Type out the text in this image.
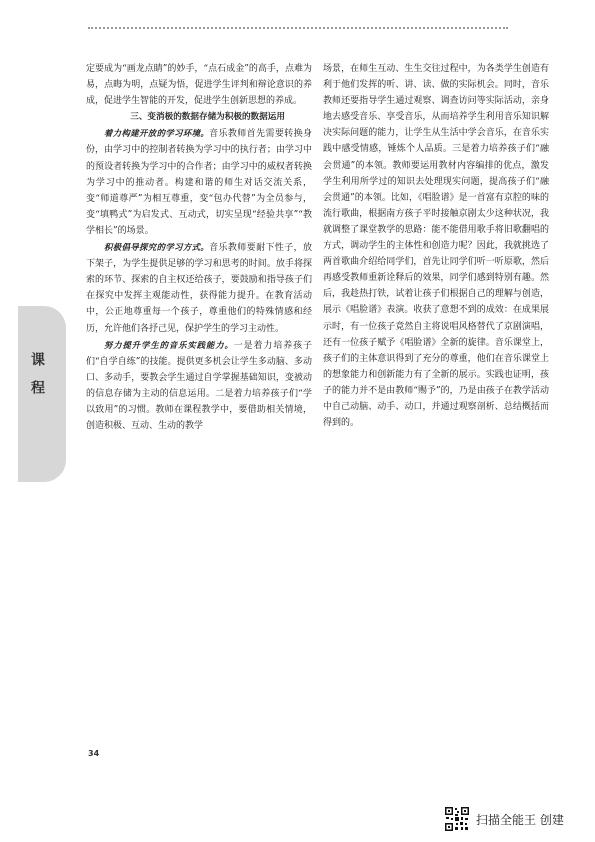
课程

定要成为“画龙点睛”的妙手，“点石成金”的高手，点难为易，点晦为明，点疑为悟，促进学生评判和辩论意识的养成，促进学生智能的开发，促进学生创新思想的养成。

三、变消极的数据存储为积极的数据运用

着力构建开放的学习环境。音乐教师首先需要转换身份，由学习中的控制者转换为学习中的执行者；由学习中的预设者转换为学习中的合作者；由学习中的威权者转换为学习中的推动者。构建和谐的师生对话交流关系，变“师道尊严”为相互尊重，变“包办代替”为全员参与，变“填鸭式”为启发式、互动式，切实呈现“经验共享”“教学相长”的场景。

积极倡导探究的学习方式。音乐教师要耐下性子，放下架子，为学生提供足够的学习和思考的时间。放手将探索的环节、探索的自主权还给孩子，要鼓励和指导孩子们在探究中发挥主观能动性，获得能力提升。在教育活动中，公正地尊重每一个孩子，尊重他们的特殊情感和经历，允许他们各抒己见，保护学生的学习主动性。

努力提升学生的音乐实践能力。一是着力培养孩子们“自学自练”的技能。提供更多机会让学生多动脑、多动口、多动手，要教会学生通过自学掌握基础知识，变被动的信息存储为主动的信息运用。二是着力培养孩子们“学以致用”的习惯。教师在课程教学中，要借助相关情境，创造积极、互动、生动的教学

场景，在师生互动、生生交往过程中，为各类学生创造有利于他们发挥的听、讲、读、做的实际机会。同时，音乐教师还要指导学生通过观察、调查访问等实际活动，亲身地去感受音乐、享受音乐，从而培养学生利用音乐知识解决实际问题的能力，让学生从生活中学会音乐，在音乐实践中感受情感，锤炼个人品质。三是着力培养孩子们“融会贯通”的本领。教师要运用教材内容编排的优点，激发学生利用所学过的知识去处理现实问题，提高孩子们“融会贯通”的本领。比如，《唱脸谱》是一首富有京腔的味的流行歌曲，根据南方孩子平时接触京剧太少这种状况，我就调整了课堂教学的思路：能不能借用歌手将旧歌翻唱的方式，调动学生的主体性和创造力呢？因此，我就挑选了两首歌曲介绍给同学们，首先让同学们听一听原歌，然后再感受教师重新诠释后的效果，同学们感到特别有趣。然后，我趁热打铁，试着让孩子们根据自己的理解与创造，展示《唱脸谱》表演。收获了意想不到的成效：在成果展示时，有一位孩子竟然自主将说唱风格替代了京剧演唱，还有一位孩子赋予《唱脸谱》全新的旋律。音乐课堂上，孩子们的主体意识得到了充分的尊重，他们在音乐课堂上的想象能力和创新能力有了全新的展示。实践也证明，孩子的能力并不是由教师“赐予”的，乃是由孩子在教学活动中自己动脑、动手、动口，并通过观察剖析、总结概括而得到的。

34
扫描全能王 创建
